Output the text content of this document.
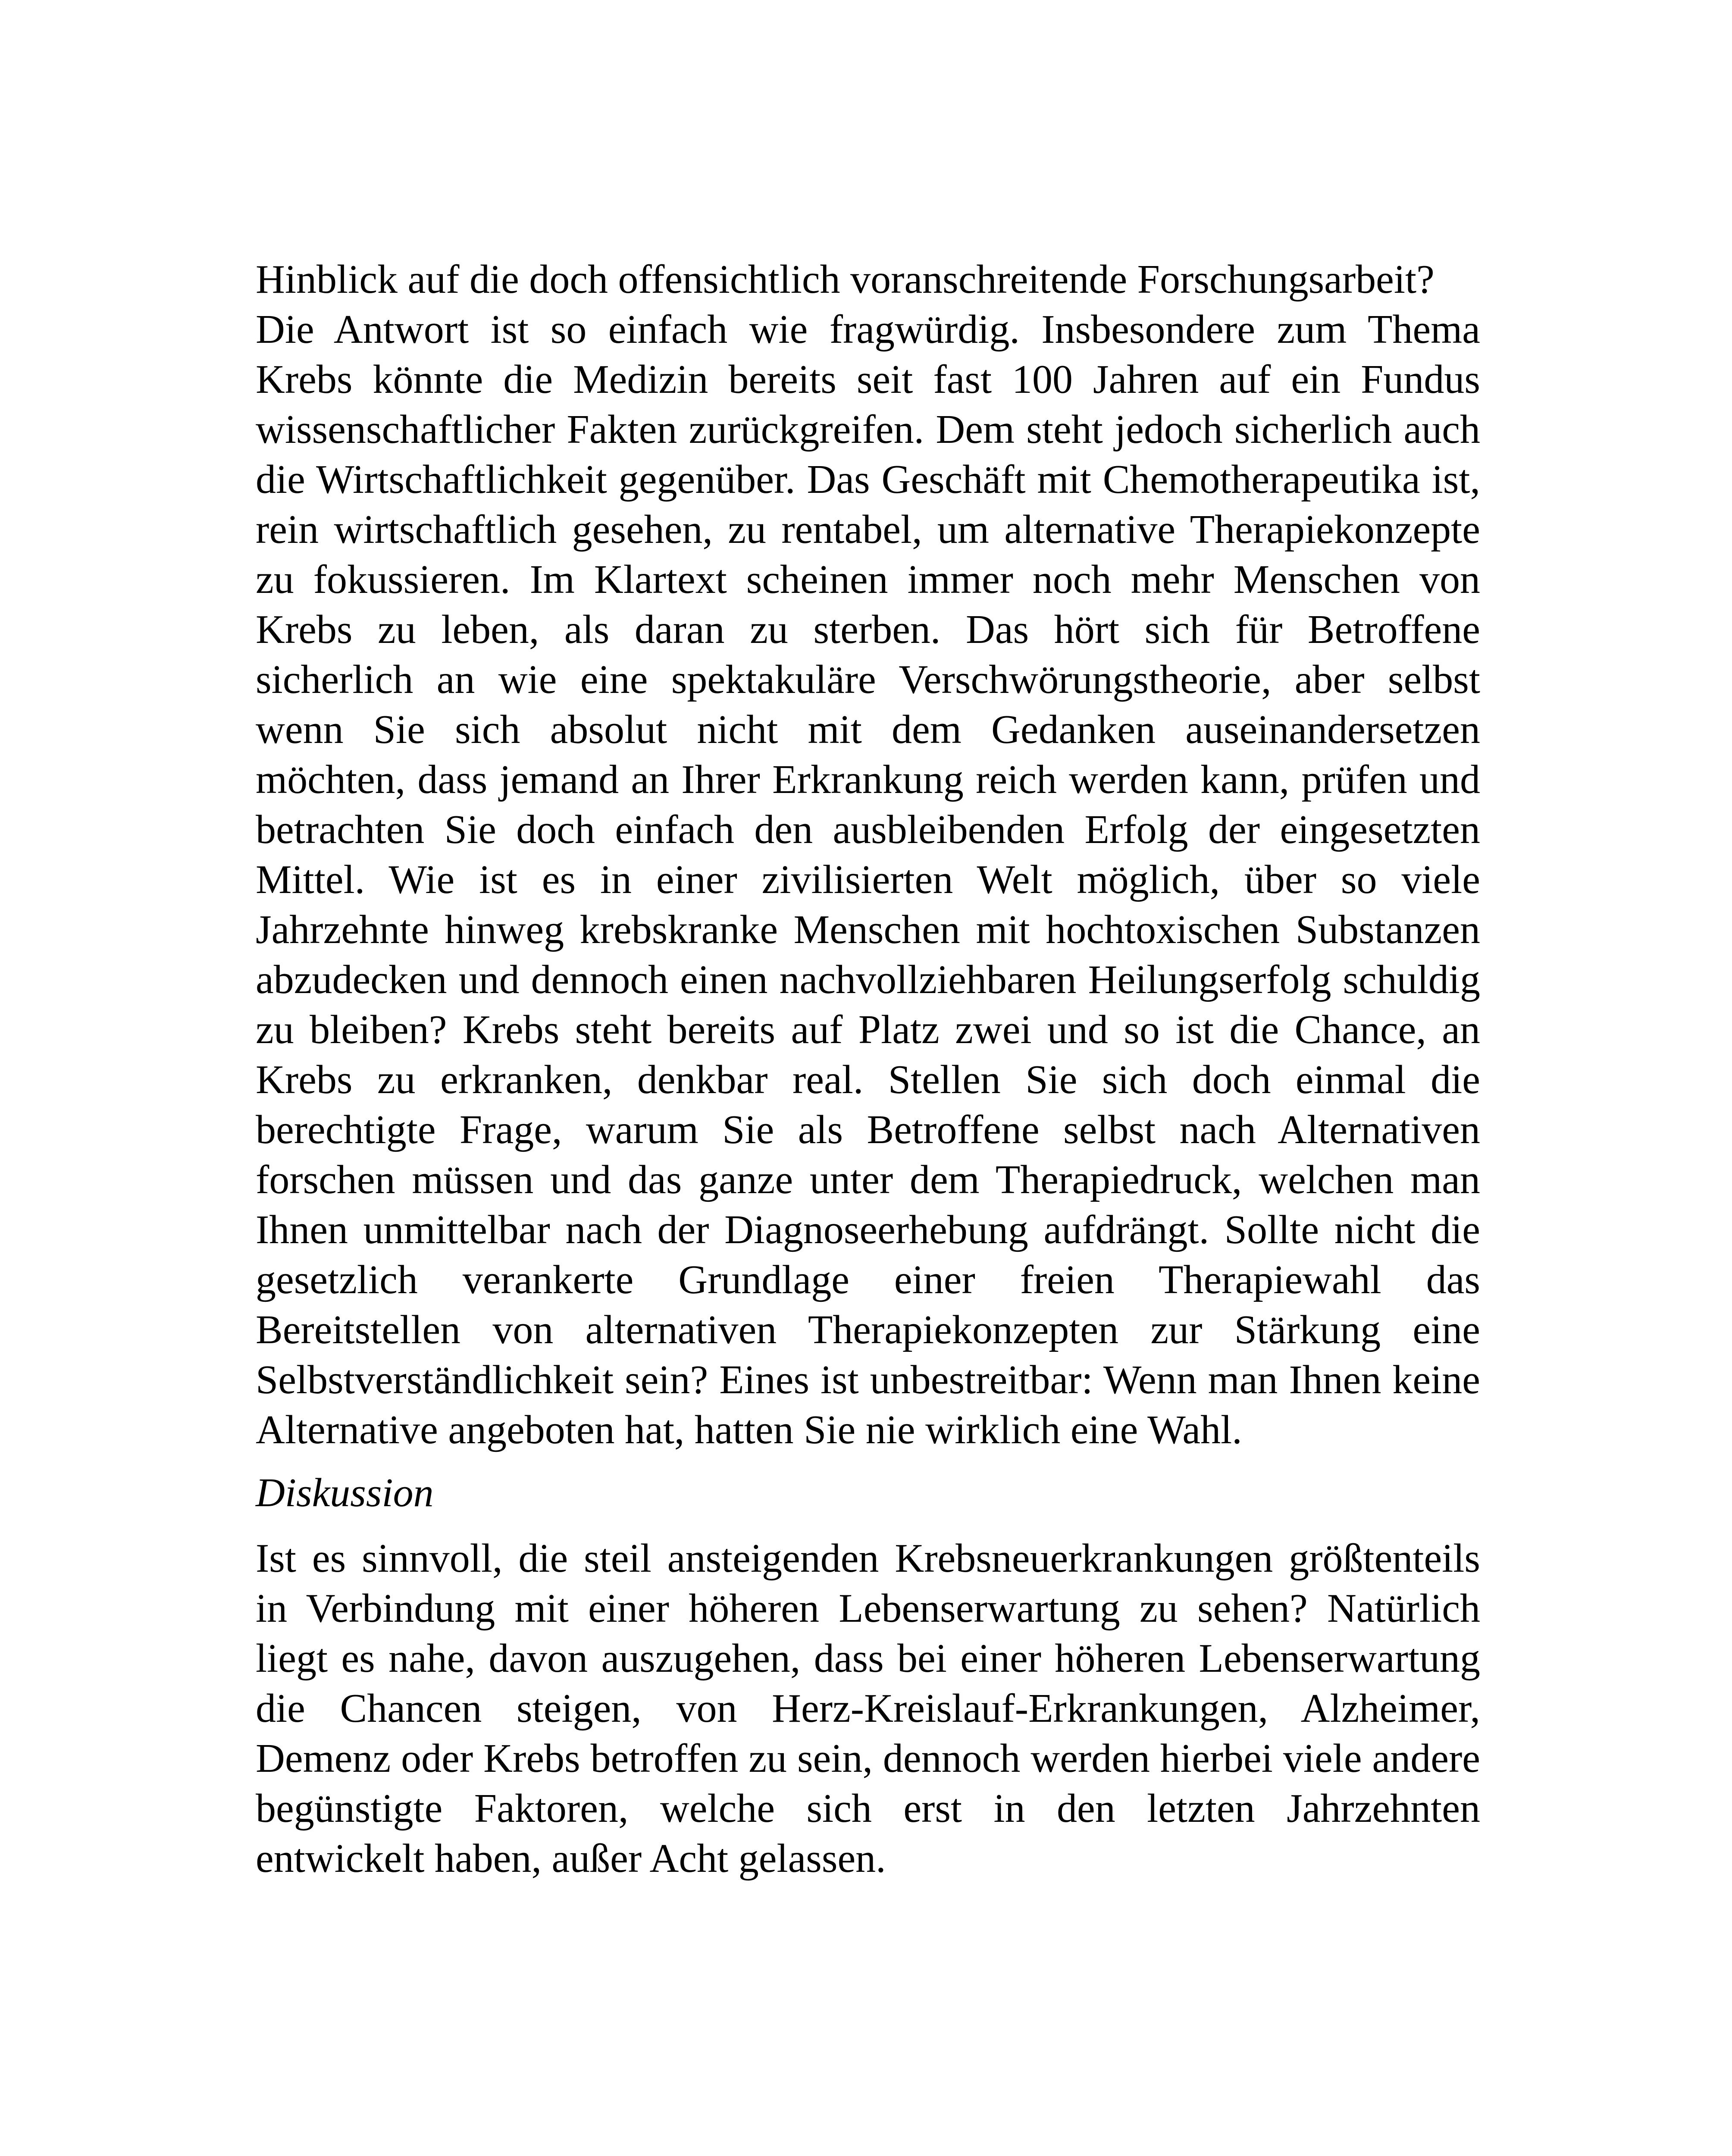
Hinblick auf die doch offensichtlich voranschreitende Forschungsarbeit?

Die Antwort ist so einfach wie fragwürdig. Insbesondere zum Thema Krebs könnte die Medizin bereits seit fast 100 Jahren auf ein Fundus wissenschaftlicher Fakten zurückgreifen. Dem steht jedoch sicherlich auch die Wirtschaftlichkeit gegenüber. Das Geschäft mit Chemotherapeutika ist, rein wirtschaftlich gesehen, zu rentabel, um alternative Therapiekonzepte zu fokussieren. Im Klartext scheinen immer noch mehr Menschen von Krebs zu leben, als daran zu sterben. Das hört sich für Betroffene sicherlich an wie eine spektakuläre Verschwörungstheorie, aber selbst wenn Sie sich absolut nicht mit dem Gedanken auseinandersetzen möchten, dass jemand an Ihrer Erkrankung reich werden kann, prüfen und betrachten Sie doch einfach den ausbleibenden Erfolg der eingesetzten Mittel. Wie ist es in einer zivilisierten Welt möglich, über so viele Jahrzehnte hinweg krebskranke Menschen mit hochtoxischen Substanzen abzudecken und dennoch einen nachvollziehbaren Heilungserfolg schuldig zu bleiben? Krebs steht bereits auf Platz zwei und so ist die Chance, an Krebs zu erkranken, denkbar real. Stellen Sie sich doch einmal die berechtigte Frage, warum Sie als Betroffene selbst nach Alternativen forschen müssen und das ganze unter dem Therapiedruck, welchen man Ihnen unmittelbar nach der Diagnoseerhebung aufdrängt. Sollte nicht die gesetzlich verankerte Grundlage einer freien Therapiewahl das Bereitstellen von alternativen Therapiekonzepten zur Stärkung eine Selbstverständlichkeit sein? Eines ist unbestreitbar: Wenn man Ihnen keine Alternative angeboten hat, hatten Sie nie wirklich eine Wahl.

Diskussion

Ist es sinnvoll, die steil ansteigenden Krebsneuerkrankungen größtenteils in Verbindung mit einer höheren Lebenserwartung zu sehen? Natürlich liegt es nahe, davon auszugehen, dass bei einer höheren Lebenserwartung die Chancen steigen, von Herz-Kreislauf-Erkrankungen, Alzheimer, Demenz oder Krebs betroffen zu sein, dennoch werden hierbei viele andere begünstigte Faktoren, welche sich erst in den letzten Jahrzehnten entwickelt haben, außer Acht gelassen.
